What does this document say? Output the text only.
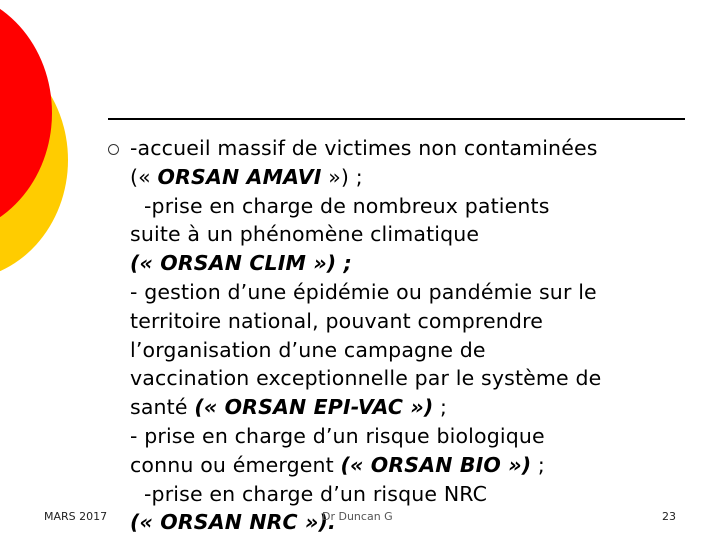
-accueil massif de victimes non contaminées
(« ORSAN AMAVI ») ;
-prise en charge de nombreux patients
suite à un phénomène climatique
(« ORSAN CLIM ») ;
- gestion d’une épidémie ou pandémie sur le
territoire national, pouvant comprendre
l’organisation d’une campagne de
vaccination exceptionnelle par le système de
santé (« ORSAN EPI-VAC ») ;
- prise en charge d’un risque biologique
connu ou émergent (« ORSAN BIO ») ;
-prise en charge d’un risque NRC
(« ORSAN NRC »).
MARS 2017	Dr Duncan G	23
